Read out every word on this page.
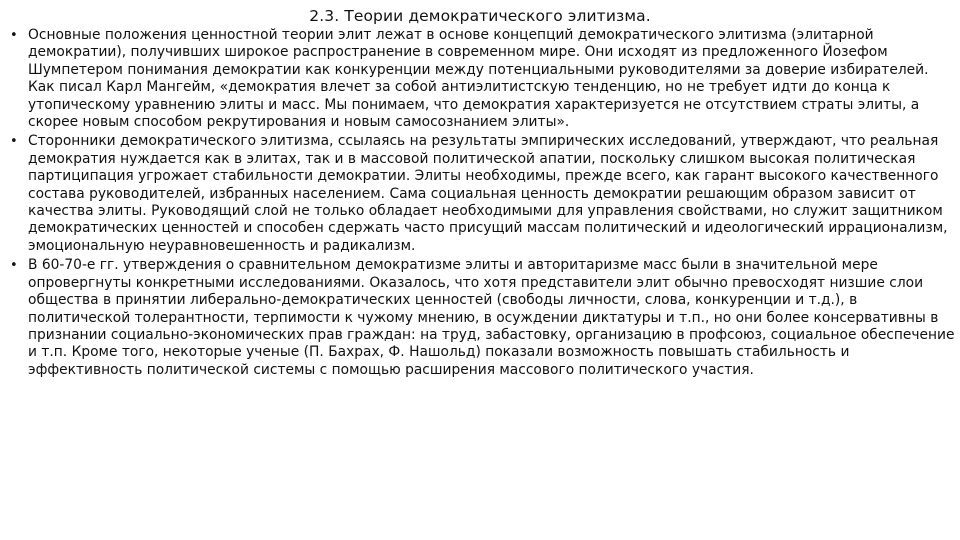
2.3. Теории демократического элитизма.
• Основные положения ценностной теории элит лежат в основе концепций демократического элитизма (элитарной демократии), получивших широкое распространение в современном мире. Они исходят из предложенного Йозефом Шумпетером понимания демократии как конкуренции между потенциальными руководителями за доверие избирателей. Как писал Карл Мангейм, «демократия влечет за собой антиэлитистскую тенденцию, но не требует идти до конца к утопическому уравнению элиты и масс. Мы понимаем, что демократия характеризуется не отсутствием страты элиты, а скорее новым способом рекрутирования и новым самосознанием элиты».
• Сторонники демократического элитизма, ссылаясь на результаты эмпирических исследований, утверждают, что реальная демократия нуждается как в элитах, так и в массовой политической апатии, поскольку слишком высокая политическая партиципация угрожает стабильности демократии. Элиты необходимы, прежде всего, как гарант высокого качественного состава руководителей, избранных населением. Сама социальная ценность демократии решающим образом зависит от качества элиты. Руководящий слой не только обладает необходимыми для управления свойствами, но служит защитником демократических ценностей и способен сдержать часто присущий массам политический и идеологический иррационализм, эмоциональную неуравновешенность и радикализм.
• В 60-70-е гг. утверждения о сравнительном демократизме элиты и авторитаризме масс были в значительной мере опровергнуты конкретными исследованиями. Оказалось, что хотя представители элит обычно превосходят низшие слои общества в принятии либерально-демократических ценностей (свободы личности, слова, конкуренции и т.д.), в политической толерантности, терпимости к чужому мнению, в осуждении диктатуры и т.п., но они более консервативны в признании социально-экономических прав граждан: на труд, забастовку, организацию в профсоюз, социальное обеспечение и т.п. Кроме того, некоторые ученые (П. Бахрах, Ф. Нашольд) показали возможность повышать стабильность и эффективность политической системы с помощью расширения массового политического участия.
